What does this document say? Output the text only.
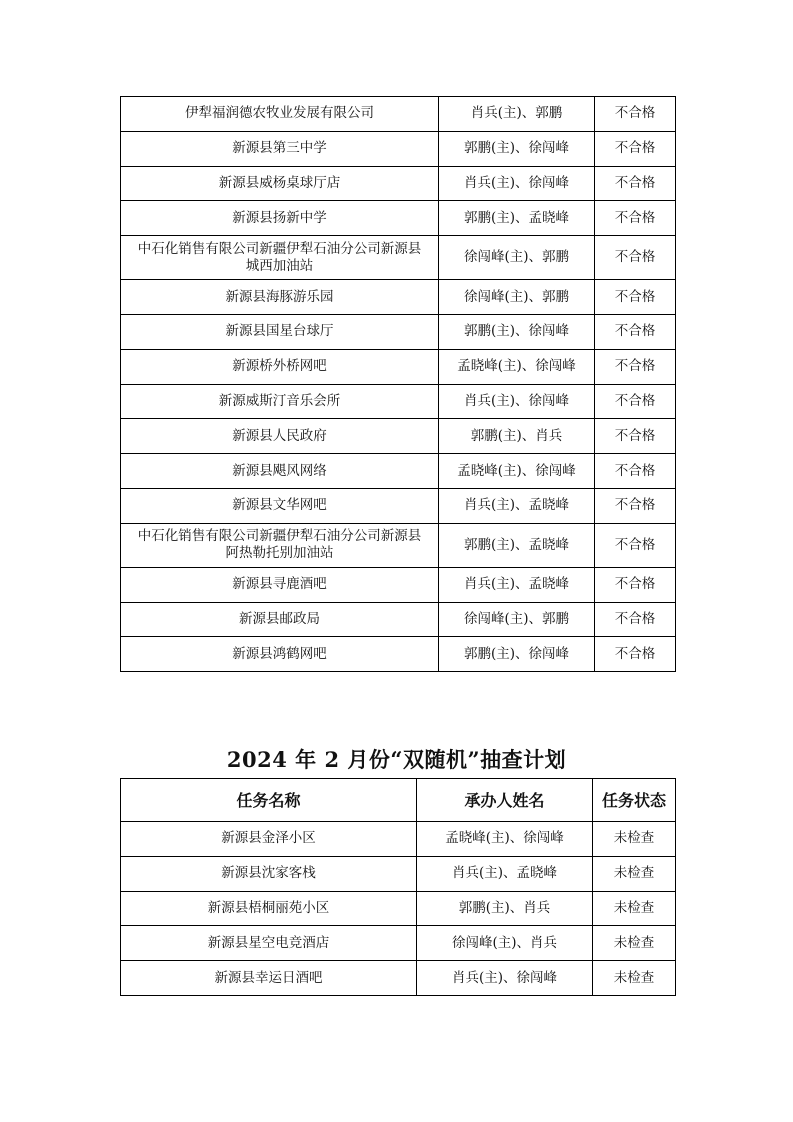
伊犁福润德农牧业发展有限公司	肖兵(主)、郭鹏	不合格
新源县第三中学	郭鹏(主)、徐闯峰	不合格
新源县威杨桌球厅店	肖兵(主)、徐闯峰	不合格
新源县扬新中学	郭鹏(主)、孟晓峰	不合格
中石化销售有限公司新疆伊犁石油分公司新源县
城西加油站	徐闯峰(主)、郭鹏	不合格
新源县海豚游乐园	徐闯峰(主)、郭鹏	不合格
新源县国星台球厅	郭鹏(主)、徐闯峰	不合格
新源桥外桥网吧	孟晓峰(主)、徐闯峰	不合格
新源威斯汀音乐会所	肖兵(主)、徐闯峰	不合格
新源县人民政府	郭鹏(主)、肖兵	不合格
新源县飓风网络	孟晓峰(主)、徐闯峰	不合格
新源县文华网吧	肖兵(主)、孟晓峰	不合格
中石化销售有限公司新疆伊犁石油分公司新源县
阿热勒托别加油站	郭鹏(主)、孟晓峰	不合格
新源县寻鹿酒吧	肖兵(主)、孟晓峰	不合格
新源县邮政局	徐闯峰(主)、郭鹏	不合格
新源县鸿鹤网吧	郭鹏(主)、徐闯峰	不合格
2024 年 2 月份“双随机”抽查计划
任务名称	承办人姓名	任务状态
新源县金泽小区	孟晓峰(主)、徐闯峰	未检查
新源县沈家客栈	肖兵(主)、孟晓峰	未检查
新源县梧桐丽苑小区	郭鹏(主)、肖兵	未检查
新源县星空电竞酒店	徐闯峰(主)、肖兵	未检查
新源县幸运日酒吧	肖兵(主)、徐闯峰	未检查
